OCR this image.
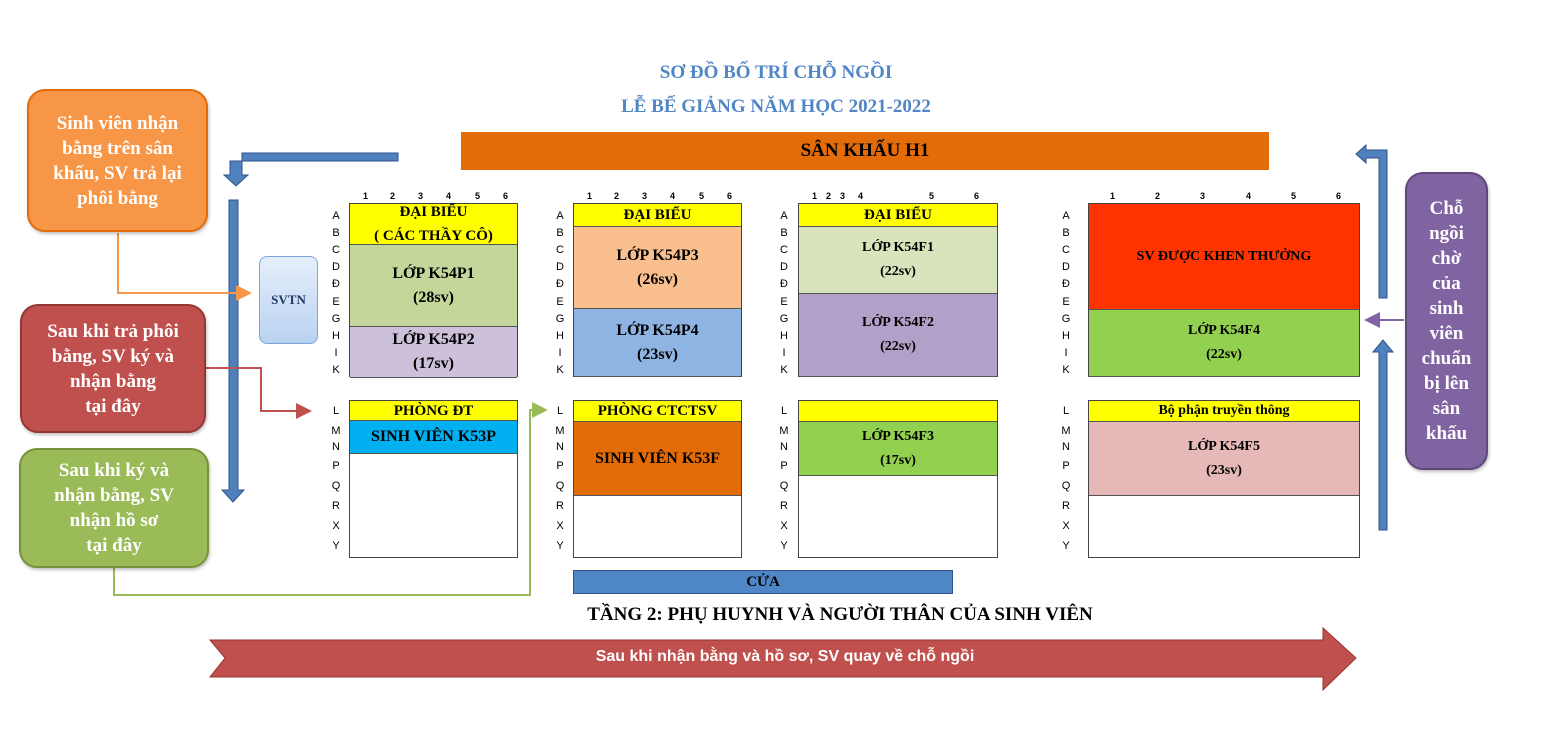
SƠ ĐỒ BỐ TRÍ CHỖ NGỒI
LỄ BẾ GIẢNG NĂM HỌC 2021-2022
SÂN KHẤU H1
Sinh viên nhận
bằng trên sân
khấu, SV trả lại
phôi bằng
Sau khi trả phôi
bằng, SV ký và
nhận bằng
tại đây
Sau khi ký và
nhận bằng, SV
nhận hồ sơ
tại đây
Chỗ
ngồi
chờ
của
sinh
viên
chuẩn
bị lên
sân
khấu
SVTN
1 2	3	4	5	6
A
B
C
D
Đ
E
G
H
I
K
L
M
N
P
Q
R
X
Y
ĐẠI BIỂU
( CÁC THẦY CÔ)
LỚP K54P1
(28sv)
LỚP K54P2
(17sv)
PHÒNG ĐT
SINH VIÊN K53P
1 2	3	4	5	6
A
B
C
D
Đ
E
G
H
I
K
L
M
N
P
Q
R
X
Y
ĐẠI BIỂU
LỚP K54P3
(26sv)
LỚP K54P4
(23sv)
PHÒNG CTCTSV
SINH VIÊN K53F
1 2 3 4	5	6
A
B
C
D
Đ
E
G
H
I
K
L
M
N
P
Q
R
X
Y
ĐẠI BIỂU
LỚP K54F1
(22sv)
LỚP K54F2
(22sv)
LỚP K54F3
(17sv)
1	2	3	4	5	6
A
B
C
D
Đ
E
G
H
I
K
L
M
N
P
Q
R
X
Y
SV ĐƯỢC KHEN THƯỞNG
LỚP K54F4
(22sv)
Bộ phận truyền thông
LỚP K54F5
(23sv)
CỬA
TẦNG 2: PHỤ HUYNH VÀ NGƯỜI THÂN CỦA SINH VIÊN
Sau khi nhận bằng và hồ sơ, SV quay về chỗ ngồi
